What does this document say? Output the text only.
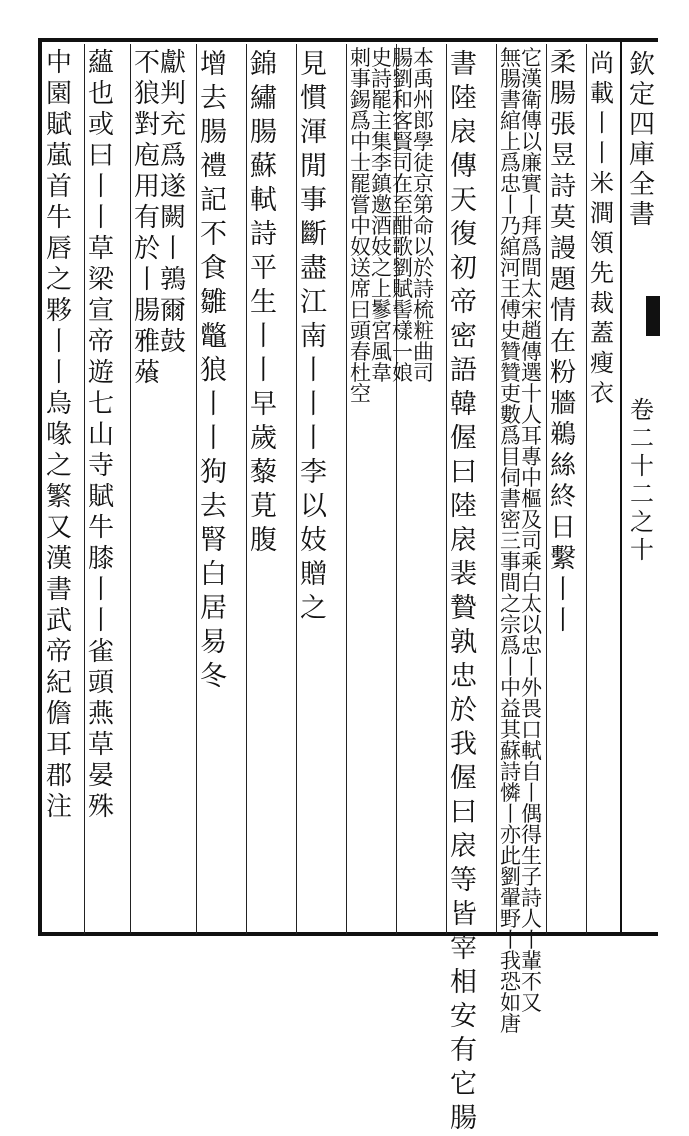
欽定四庫全書
卷二十二之十
尚載丨丨米澗領先裁蓋瘦衣
柔腸張昱詩莫謾題情在粉牆鵜絲終日繫丨丨
無它腸漢書衛綰傳上以爲廉忠實丨丨乃拜綰爲河間王太傅宋史趙贊傳贊選吏十數人爲耳目專伺中書樞密及三司事乘間白之太宗以爲忠丨丨中外益畏其口蘇軾詩自憐丨丨偶亦得此生劉子翬詩野人丨丨我輩恐不如又唐
書陸扆傳天復初帝密語韓偓曰陸扆裴贄孰忠於我偓曰扆等皆宰相安有它腸
刺史腸本事詩劉禹錫罷和州爲主客郎中集賢學士李司徒罷鎮在京嘗邀至第中酒酣命奴妓歌以送之劉於席上賦詩曰鬖髻梳頭宮樣粧春風一曲杜韋娘司空
見慣渾閒事斷盡江南丨丨丨李以妓贈之
錦繡腸蘇軾詩平生丨丨早歲藜莧腹
增去腸禮記不食雛鼈狼丨丨狗去腎白居易冬
不獻狼判對充庖爲用遂有闕於丨丨鶉腸爾雅鼓蕵
蘊也或曰丨丨草梁宣帝遊七山寺賦牛膝丨丨雀頭燕草晏殊
中園賦葻首牛唇之夥丨丨烏喙之繁又漢書武帝紀儋耳郡注
